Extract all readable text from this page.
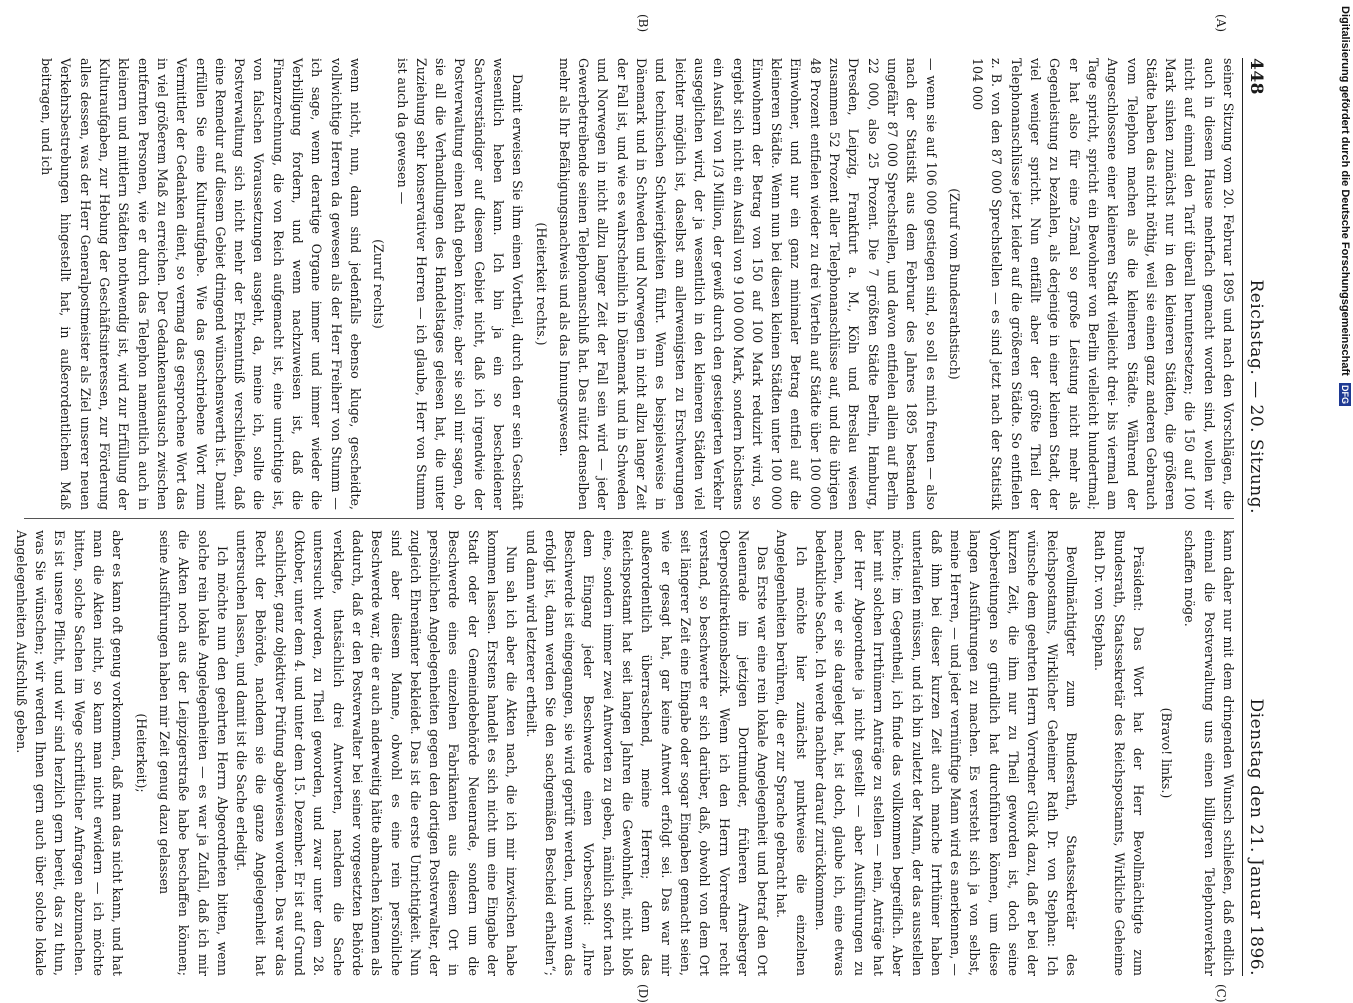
448
Reichstag. — 20. Sitzung.
Dienstag den 21. Januar 1896.
(A)
(B)
(C)
(D)

seiner Sitzung vom 20. Februar 1895 und nach den Vorschlägen, die auch in diesem Hause mehrfach gemacht worden sind, wollen wir nicht auf einmal den Tarif überall heruntersetzen; die 150 auf 100 Mark sinken zunächst nur in den kleineren Städten, die größeren Städte haben das nicht nöthig, weil sie einen ganz anderen Gebrauch vom Telephon machen als die kleineren Städte. Während der Angeschlossene einer kleineren Stadt vielleicht drei- bis viermal am Tage spricht, spricht ein Bewohner von Berlin vielleicht hundertmal; er hat also für eine 25mal so große Leistung nicht mehr als Gegenleistung zu bezahlen, als derjenige in einer kleinen Stadt, der viel weniger spricht. Nun entfällt aber der größte Theil der Telephonanschlüsse jetzt leider auf die größeren Städte. So entfielen z. B. von den 87 000 Sprechstellen — es sind jetzt nach der Statistik 104 000

(Zuruf vom Bundesrathstisch)

— wenn sie auf 106 000 gestiegen sind, so soll es mich freuen — also nach der Statistik aus dem Februar des Jahres 1895 bestanden ungefähr 87 000 Sprechstellen, und davon entfielen allein auf Berlin 22 000, also 25 Prozent. Die 7 größten Städte Berlin, Hamburg, Dresden, Leipzig, Frankfurt a. M., Köln und Breslau wiesen zusammen 52 Prozent aller Telephonanschlüsse auf, und die übrigen 48 Prozent entfielen wieder zu drei Vierteln auf Städte über 100 000 Einwohner, und nur ein ganz minimaler Betrag entfiel auf die kleineren Städte. Wenn nun bei diesen kleinen Städten unter 100 000 Einwohnern der Betrag von 150 auf 100 Mark reduzirt wird, so ergiebt sich nicht ein Ausfall von 9 100 000 Mark, sondern höchstens ein Ausfall von 1/3 Million, der gewiß durch den gesteigerten Verkehr ausgeglichen wird, der ja wesentlich in den kleineren Städten viel leichter möglich ist, daselbst am allerwenigsten zu Erschwerungen und technischen Schwierigkeiten führt. Wenn es beispielsweise in Dänemark und in Schweden und Norwegen in nicht allzu langer Zeit der Fall ist, und wie es wahrscheinlich in Dänemark und in Schweden und Norwegen in nicht allzu langer Zeit der Fall sein wird — jeder Gewerbetreibende seinen Telephonanschluß hat. Das nützt denselben mehr als Ihr Befähigungsnachweis und als das Innungswesen.

(Heiterkeit rechts.)

Damit erweisen Sie ihm einen Vortheil, durch den er sein Geschäft wesentlich heben kann. Ich bin ja ein so bescheidener Sachverständiger auf diesem Gebiet nicht, daß ich irgendwie der Postverwaltung einen Rath geben könnte; aber sie soll mir sagen, ob sie all die Verhandlungen des Handelstages gelesen hat, die unter Zuziehung sehr konservativer Herren — ich glaube, Herr von Stumm ist auch da gewesen —

(Zuruf rechts)

wenn nicht, nun, dann sind jedenfalls ebenso kluge, gescheidte, vollwichtige Herren da gewesen als der Herr Freiherr von Stumm — ich sage, wenn derartige Organe immer und immer wieder die Verbilligung fordern, und wenn nachzuweisen ist, daß die Finanzrechnung, die von Reich aufgemacht ist, eine unrichtige ist, von falschen Voraussetzungen ausgeht, da, meine ich, sollte die Postverwaltung sich nicht mehr der Erkenntniß verschließen, daß eine Remedur auf diesem Gebiet dringend wünschenswerth ist. Damit erfüllen Sie eine Kulturaufgabe. Wie das geschriebene Wort zum Vermittler der Gedanken dient, so vermag das gesprochene Wort das in viel größerem Maß zu erreichen. Der Gedankenaustausch zwischen entfernten Personen, wie er durch das Telephon namentlich auch in kleinern und mittlern Städten nothwendig ist, wird zur Erfüllung der Kulturaufgaben, zur Hebung der Geschäftsinteressen, zur Förderung alles dessen, was der Herr Generalpostmeister als Ziel unserer neuen Verkehrsbestrebungen hingestellt hat, in außerordentlichem Maß beitragen, und ich

kann daher nur mit dem dringenden Wunsch schließen, daß endlich einmal die Postverwaltung uns einen billigeren Telephonverkehr schaffen möge.

(Bravo! links.)

Präsident: Das Wort hat der Herr Bevollmächtigte zum Bundesrath, Staatssekretär des Reichspostamts, Wirkliche Geheime Rath Dr. von Stephan.

Bevollmächtigter zum Bundesrath, Staatssekretär des Reichspostamts, Wirklicher Geheimer Rath Dr. von Stephan: Ich wünsche dem geehrten Herrn Vorredner Glück dazu, daß er bei der kurzen Zeit, die ihm nur zu Theil geworden ist, doch seine Vorbereitungen so gründlich hat durchführen können, um diese langen Ausführungen zu machen. Es versteht sich ja von selbst, meine Herren, — und jeder vernünftige Mann wird es anerkennen, — daß ihm bei dieser kurzen Zeit auch manche Irrthümer haben unterlaufen müssen, und ich bin zuletzt der Mann, der das ausstellen möchte; im Gegentheil, ich finde das vollkommen begreiflich. Aber hier mit solchen Irrthümern Anträge zu stellen — nein, Anträge hat der Herr Abgeordnete ja nicht gestellt — aber Ausführungen zu machen, wie er sie dargelegt hat, ist doch, glaube ich, eine etwas bedenkliche Sache. Ich werde nachher darauf zurückkommen.

Ich möchte hier zunächst punktweise die einzelnen Angelegenheiten berühren, die er zur Sprache gebracht hat.

Das Erste war eine rein lokale Angelegenheit und betraf den Ort Neuenrade im jetzigen Dortmunder, früheren Arnsberger Oberpostdirektionsbezirk. Wenn ich den Herrn Vorredner recht verstand, so beschwerte er sich darüber, daß, obwohl von dem Ort seit längerer Zeit eine Eingabe oder sogar Eingaben gemacht seien, wie er gesagt hat, gar keine Antwort erfolgt sei. Das war mir außerordentlich überraschend, meine Herren; denn das Reichspostamt hat seit langen Jahren die Gewohnheit, nicht bloß eine, sondern immer zwei Antworten zu geben, nämlich sofort nach dem Eingang jeder Beschwerde einen Vorbescheid: „Ihre Beschwerde ist eingegangen, sie wird geprüft werden, und wenn das erfolgt ist, dann werden Sie den sachgemäßen Bescheid erhalten“; und dann wird letzterer ertheilt.

Nun sah ich aber die Akten nach, die ich mir inzwischen habe kommen lassen. Erstens handelt es sich nicht um eine Eingabe der Stadt oder der Gemeindebehörde Neuenrade, sondern um die Beschwerde eines einzelnen Fabrikanten aus diesem Ort in persönlichen Angelegenheiten gegen den dortigen Postverwalter, der zugleich Ehrenämter bekleidet. Das ist die erste Unrichtigkeit. Nun sind aber diesem Manne, obwohl es eine rein persönliche Beschwerde war, die er auch anderweitig hätte abmachen können als dadurch, daß er den Postverwalter bei seiner vorgesetzten Behörde verklagte, thatsächlich drei Antworten, nachdem die Sache untersucht worden, zu Theil geworden, und zwar unter dem 28. Oktober, unter dem 4. und unter dem 15. Dezember. Er ist auf Grund sachlicher, ganz objektiver Prüfung abgewiesen worden. Das war das Recht der Behörde, nachdem sie die ganze Angelegenheit hat untersuchen lassen, und damit ist die Sache erledigt.

Ich möchte nun den geehrten Herrn Abgeordneten bitten, wenn solche rein lokale Angelegenheiten — es war ja Zufall, daß ich mir die Akten noch aus der Leipzigerstraße habe beschaffen können; seine Ausführungen haben mir Zeit genug dazu gelassen

(Heiterkeit);

aber es kann oft genug vorkommen, daß man das nicht kann, und hat man die Akten nicht, so kann man nicht erwidern — ich möchte bitten, solche Sachen im Wege schriftlicher Anfragen abzumachen. Es ist unsere Pflicht, und wir sind herzlich gern bereit, das zu thun, was Sie wünschen; wir werden Ihnen gern auch über solche lokale Angelegenheiten Aufschluß geben.

Digitalisierung gefördert durch die Deutsche Forschungsgemeinschaft DFG
